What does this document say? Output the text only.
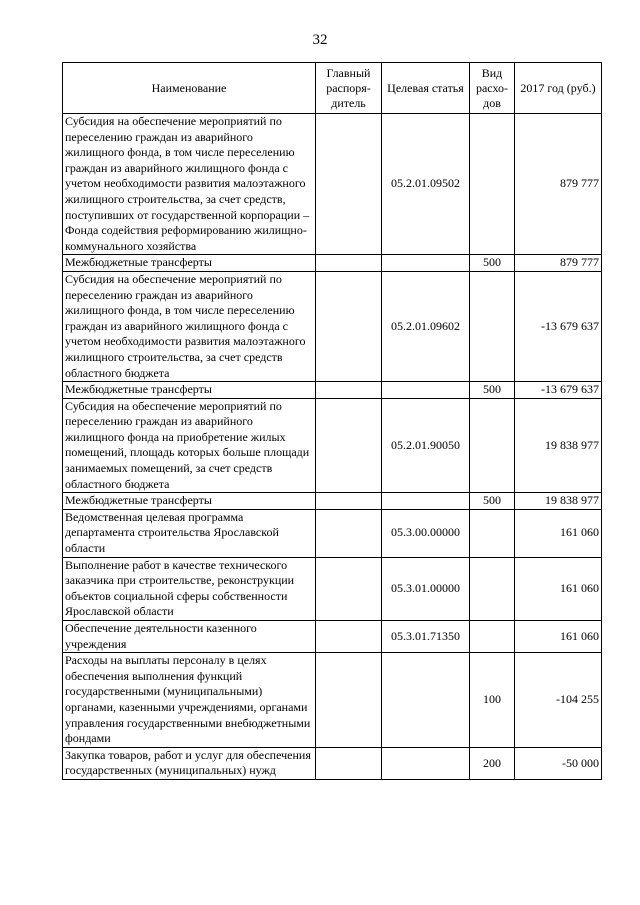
32
Наименование	Главный распоря-дитель	Целевая статья	Вид расхо-дов	2017 год (руб.)
Субсидия на обеспечение мероприятий по переселению граждан из аварийного жилищного фонда, в том числе переселению граждан из аварийного жилищного фонда с учетом необходимости развития малоэтажного жилищного строительства, за счет средств, поступивших от государственной корпорации – Фонда содействия реформированию жилищно-коммунального хозяйства		05.2.01.09502		879 777
Межбюджетные трансферты			500	879 777
Субсидия на обеспечение мероприятий по переселению граждан из аварийного жилищного фонда, в том числе переселению граждан из аварийного жилищного фонда с учетом необходимости развития малоэтажного жилищного строительства, за счет средств областного бюджета		05.2.01.09602		-13 679 637
Межбюджетные трансферты			500	-13 679 637
Субсидия на обеспечение мероприятий по переселению граждан из аварийного жилищного фонда на приобретение жилых помещений, площадь которых больше площади занимаемых помещений, за счет средств областного бюджета		05.2.01.90050		19 838 977
Межбюджетные трансферты			500	19 838 977
Ведомственная целевая программа департамента строительства Ярославской области		05.3.00.00000		161 060
Выполнение работ в качестве технического заказчика при строительстве, реконструкции объектов социальной сферы собственности Ярославской области		05.3.01.00000		161 060
Обеспечение деятельности казенного учреждения		05.3.01.71350		161 060
Расходы на выплаты персоналу в целях обеспечения выполнения функций государственными (муниципальными) органами, казенными учреждениями, органами управления государственными внебюджетными фондами			100	-104 255
Закупка товаров, работ и услуг для обеспечения государственных (муниципальных) нужд			200	-50 000
